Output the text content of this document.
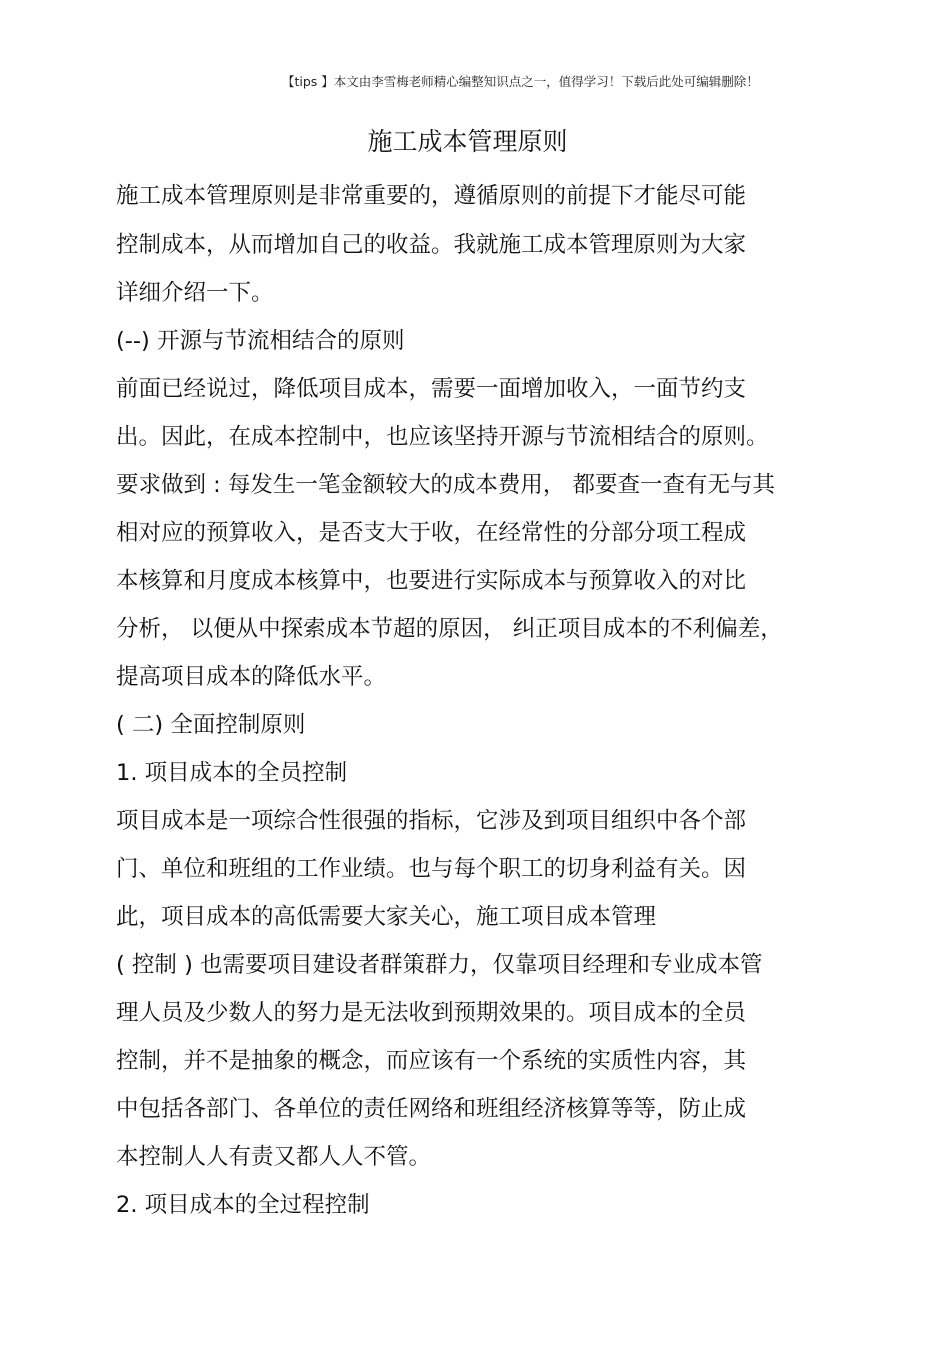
【tips 】本文由李雪梅老师精心编整知识点之一，值得学习！下载后此处可编辑删除！
施工成本管理原则
施工成本管理原则是非常重要的，遵循原则的前提下才能尽可能
控制成本，从而增加自己的收益。我就施工成本管理原则为大家
详细介绍一下。
(--) 开源与节流相结合的原则
前面已经说过，降低项目成本，需要一面增加收入，一面节约支
出。因此，在成本控制中，也应该坚持开源与节流相结合的原则。
要求做到 : 每发生一笔金额较大的成本费用， 都要查一查有无与其
相对应的预算收入，是否支大于收，在经常性的分部分项工程成
本核算和月度成本核算中，也要进行实际成本与预算收入的对比
分析， 以便从中探索成本节超的原因， 纠正项目成本的不利偏差，
提高项目成本的降低水平。
( 二) 全面控制原则
1. 项目成本的全员控制
项目成本是一项综合性很强的指标，它涉及到项目组织中各个部
门、单位和班组的工作业绩。也与每个职工的切身利益有关。因
此，项目成本的高低需要大家关心，施工项目成本管理
( 控制 ) 也需要项目建设者群策群力，仅靠项目经理和专业成本管
理人员及少数人的努力是无法收到预期效果的。项目成本的全员
控制，并不是抽象的概念，而应该有一个系统的实质性内容，其
中包括各部门、各单位的责任网络和班组经济核算等等，防止成
本控制人人有责又都人人不管。
2. 项目成本的全过程控制
